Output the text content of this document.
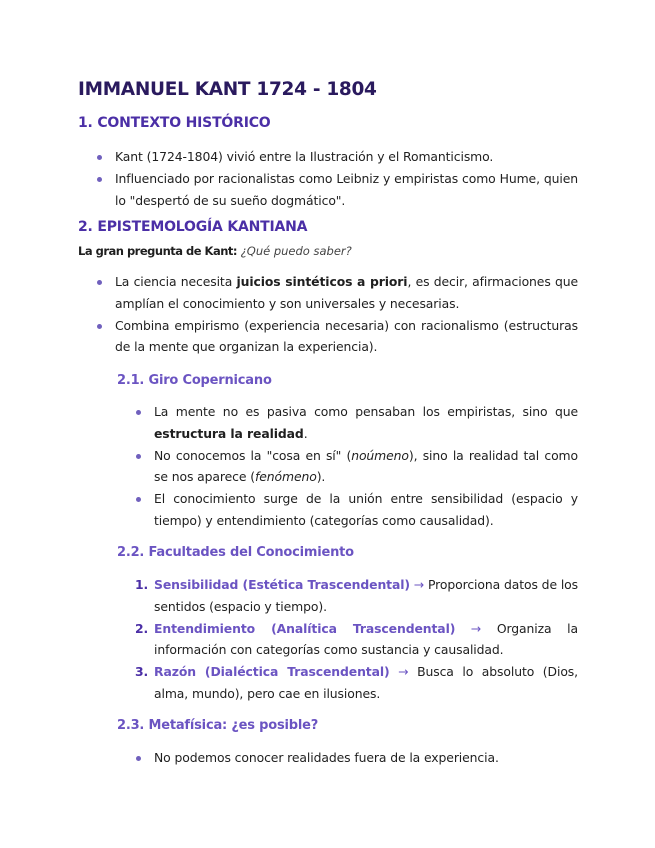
IMMANUEL KANT 1724 - 1804
1. CONTEXTO HISTÓRICO
Kant (1724-1804) vivió entre la Ilustración y el Romanticismo.
Influenciado por racionalistas como Leibniz y empiristas como Hume, quien lo "despertó de su sueño dogmático".
2. EPISTEMOLOGÍA KANTIANA
La gran pregunta de Kant: ¿Qué puedo saber?
La ciencia necesita juicios sintéticos a priori, es decir, afirmaciones que amplían el conocimiento y son universales y necesarias.
Combina empirismo (experiencia necesaria) con racionalismo (estructuras de la mente que organizan la experiencia).
2.1. Giro Copernicano
La mente no es pasiva como pensaban los empiristas, sino que estructura la realidad.
No conocemos la "cosa en sí" (noúmeno), sino la realidad tal como se nos aparece (fenómeno).
El conocimiento surge de la unión entre sensibilidad (espacio y tiempo) y entendimiento (categorías como causalidad).
2.2. Facultades del Conocimiento
1. Sensibilidad (Estética Trascendental) → Proporciona datos de los sentidos (espacio y tiempo).
2. Entendimiento (Analítica Trascendental) → Organiza la información con categorías como sustancia y causalidad.
3. Razón (Dialéctica Trascendental) → Busca lo absoluto (Dios, alma, mundo), pero cae en ilusiones.
2.3. Metafísica: ¿es posible?
No podemos conocer realidades fuera de la experiencia.
